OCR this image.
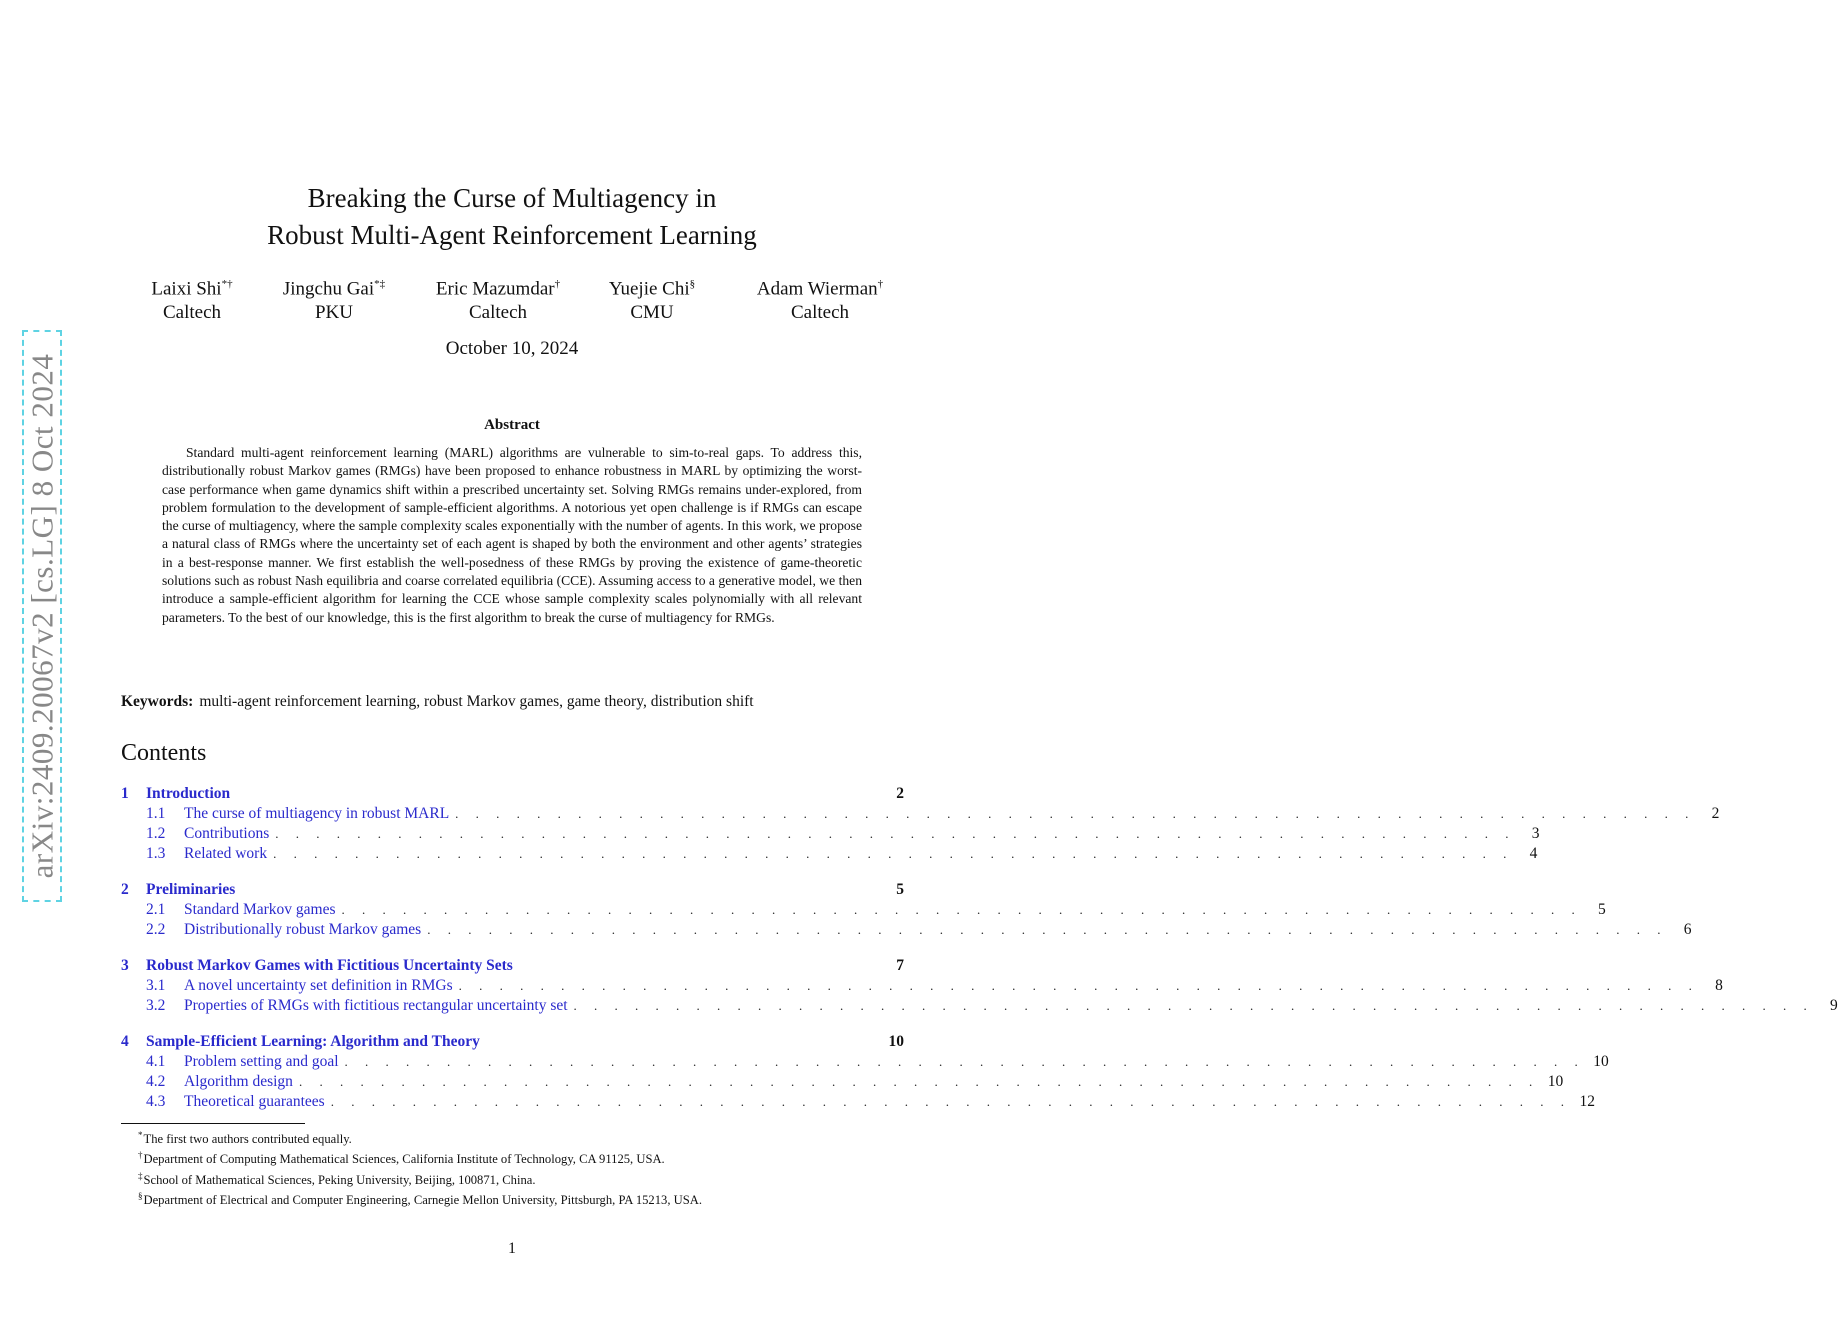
arXiv:2409.20067v2 [cs.LG] 8 Oct 2024
Breaking the Curse of Multiagency in
Robust Multi-Agent Reinforcement Learning
Laixi Shi*†
Caltech
Jingchu Gai*‡
PKU
Eric Mazumdar†
Caltech
Yuejie Chi§
CMU
Adam Wierman†
Caltech
October 10, 2024
Abstract
Standard multi-agent reinforcement learning (MARL) algorithms are vulnerable to sim-to-real gaps. To address this, distributionally robust Markov games (RMGs) have been proposed to enhance robustness in MARL by optimizing the worst-case performance when game dynamics shift within a prescribed uncertainty set. Solving RMGs remains under-explored, from problem formulation to the development of sample-efficient algorithms. A notorious yet open challenge is if RMGs can escape the curse of multiagency, where the sample complexity scales exponentially with the number of agents. In this work, we propose a natural class of RMGs where the uncertainty set of each agent is shaped by both the environment and other agents’ strategies in a best-response manner. We first establish the well-posedness of these RMGs by proving the existence of game-theoretic solutions such as robust Nash equilibria and coarse correlated equilibria (CCE). Assuming access to a generative model, we then introduce a sample-efficient algorithm for learning the CCE whose sample complexity scales polynomially with all relevant parameters. To the best of our knowledge, this is the first algorithm to break the curse of multiagency for RMGs.
Keywords: multi-agent reinforcement learning, robust Markov games, game theory, distribution shift
Contents
1	Introduction	2
1.1	The curse of multiagency in robust MARL . . . . . . . . . . . . . . . . . . . . . . . . . . . . . . . . . . . . . . . . . . . . . . . . . . . . . . . . . . . . .	2
1.2	Contributions . . . . . . . . . . . . . . . . . . . . . . . . . . . . . . . . . . . . . . . . . . . . . . . . . . . . . . . . . . . . .	3
1.3	Related work . . . . . . . . . . . . . . . . . . . . . . . . . . . . . . . . . . . . . . . . . . . . . . . . . . . . . . . . . . . . .	4
2	Preliminaries	5
2.1	Standard Markov games . . . . . . . . . . . . . . . . . . . . . . . . . . . . . . . . . . . . . . . . . . . . . . . . . . . . . . . . . . . . .	5
2.2	Distributionally robust Markov games . . . . . . . . . . . . . . . . . . . . . . . . . . . . . . . . . . . . . . . . . . . . . . . . . . . . . . . . . . . . .	6
3	Robust Markov Games with Fictitious Uncertainty Sets	7
3.1	A novel uncertainty set definition in RMGs . . . . . . . . . . . . . . . . . . . . . . . . . . . . . . . . . . . . . . . . . . . . . . . . . . . . . . . . . . . . .	8
3.2	Properties of RMGs with fictitious rectangular uncertainty set . . . . . . . . . . . . . . . . . . . . . . . . . . . . . . . . . . . . . . . . . . . . . . . . . . . . . . . . . . . . .	9
4	Sample-Efficient Learning: Algorithm and Theory	10
4.1	Problem setting and goal . . . . . . . . . . . . . . . . . . . . . . . . . . . . . . . . . . . . . . . . . . . . . . . . . . . . . . . . . . . . . 10
4.2	Algorithm design . . . . . . . . . . . . . . . . . . . . . . . . . . . . . . . . . . . . . . . . . . . . . . . . . . . . . . . . . . . . . 10
4.3	Theoretical guarantees . . . . . . . . . . . . . . . . . . . . . . . . . . . . . . . . . . . . . . . . . . . . . . . . . . . . . . . . . . . . . 12
*The first two authors contributed equally.
†Department of Computing Mathematical Sciences, California Institute of Technology, CA 91125, USA.
‡School of Mathematical Sciences, Peking University, Beijing, 100871, China.
§Department of Electrical and Computer Engineering, Carnegie Mellon University, Pittsburgh, PA 15213, USA.
1
